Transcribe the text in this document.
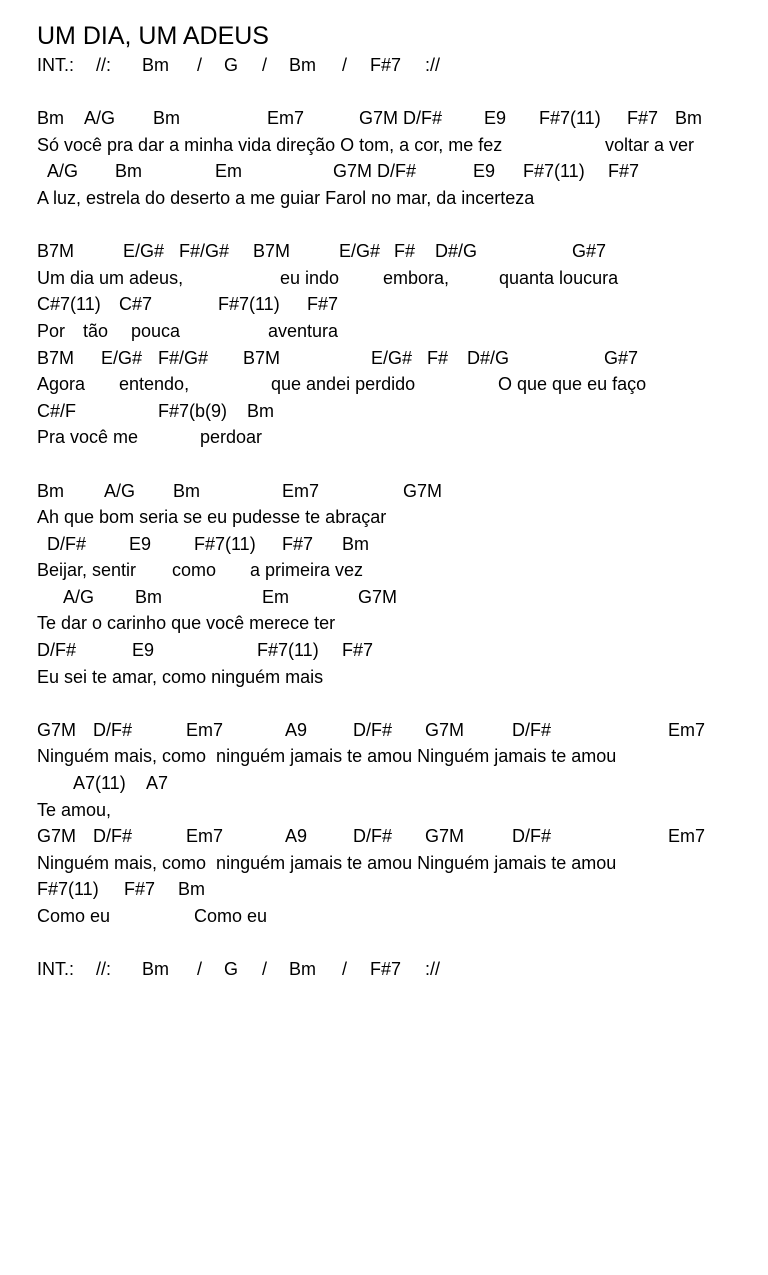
UM DIA, UM ADEUS

INT.:

//:

Bm

/

G

/

Bm

/

F#7

://

Bm

A/G

Bm

	Em7

	G7M D/F#

E9

F#7(11)

F#7

Bm

Só você pra dar a minha vida direção O tom, a cor, me fez

	voltar a ver

A/G

Bm

	Em

	G7M D/F#

	E9

F#7(11)

F#7

A luz, estrela do deserto a me guiar Farol no mar, da incerteza

B7M

	E/G#

F#/G#

B7M

	E/G#

F#

D#/G

	G#7

Um dia um adeus,

	eu indo

embora,

	quanta loucura

C#7(11)

C#7

	F#7(11)

F#7

Por

tão

pouca

	aventura

B7M

E/G#

F#/G#

B7M

	E/G#

F#

D#/G

	G#7

Agora

entendo,

	que andei perdido

	O que que eu faço

C#/F

	F#7(b(9)

Bm

Pra você me

	perdoar

Bm

A/G

Bm

	Em7

	G7M

Ah que bom seria se eu pudesse te abraçar

D/F#

E9

F#7(11)

F#7

Bm

Beijar, sentir

como

a primeira vez

A/G

Bm

	Em

	G7M

Te dar o carinho que você merece ter

D/F#

	E9

	F#7(11)

F#7

Eu sei te amar, como ninguém mais

G7M

D/F#

	Em7

	A9

	D/F#

G7M

	D/F#

	Em7

Ninguém mais, como  ninguém jamais te amou Ninguém jamais te amou

A7(11)

A7

Te amou,

G7M

D/F#

	Em7

	A9

	D/F#

G7M

	D/F#

	Em7

Ninguém mais, como  ninguém jamais te amou Ninguém jamais te amou

F#7(11)

F#7

Bm

Como eu

	Como eu

INT.:

//:

Bm

/

G

/

Bm

/

F#7

://
